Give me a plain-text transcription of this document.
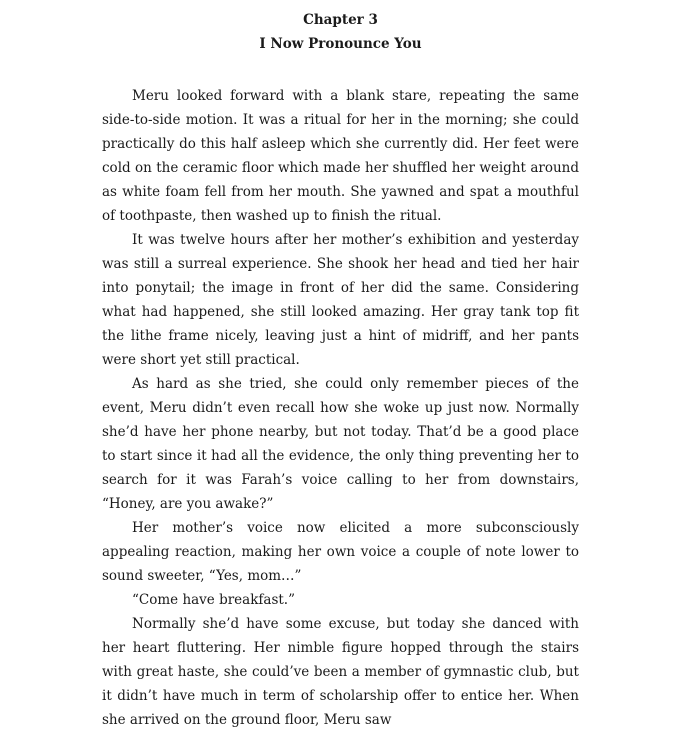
Chapter 3
I Now Pronounce You

Meru looked forward with a blank stare, repeating the same side-to-side motion. It was a ritual for her in the morning; she could practically do this half asleep which she currently did. Her feet were cold on the ceramic floor which made her shuffled her weight around as white foam fell from her mouth. She yawned and spat a mouthful of toothpaste, then washed up to finish the ritual.

It was twelve hours after her mother’s exhibition and yesterday was still a surreal experience. She shook her head and tied her hair into ponytail; the image in front of her did the same. Considering what had happened, she still looked amazing. Her gray tank top fit the lithe frame nicely, leaving just a hint of midriff, and her pants were short yet still practical.

As hard as she tried, she could only remember pieces of the event, Meru didn’t even recall how she woke up just now. Normally she’d have her phone nearby, but not today. That’d be a good place to start since it had all the evidence, the only thing preventing her to search for it was Farah’s voice calling to her from downstairs, “Honey, are you awake?”

Her mother’s voice now elicited a more subconsciously appealing reaction, making her own voice a couple of note lower to sound sweeter, “Yes, mom…”

“Come have breakfast.”

Normally she’d have some excuse, but today she danced with her heart fluttering. Her nimble figure hopped through the stairs with great haste, she could’ve been a member of gymnastic club, but it didn’t have much in term of scholarship offer to entice her. When she arrived on the ground floor, Meru saw
